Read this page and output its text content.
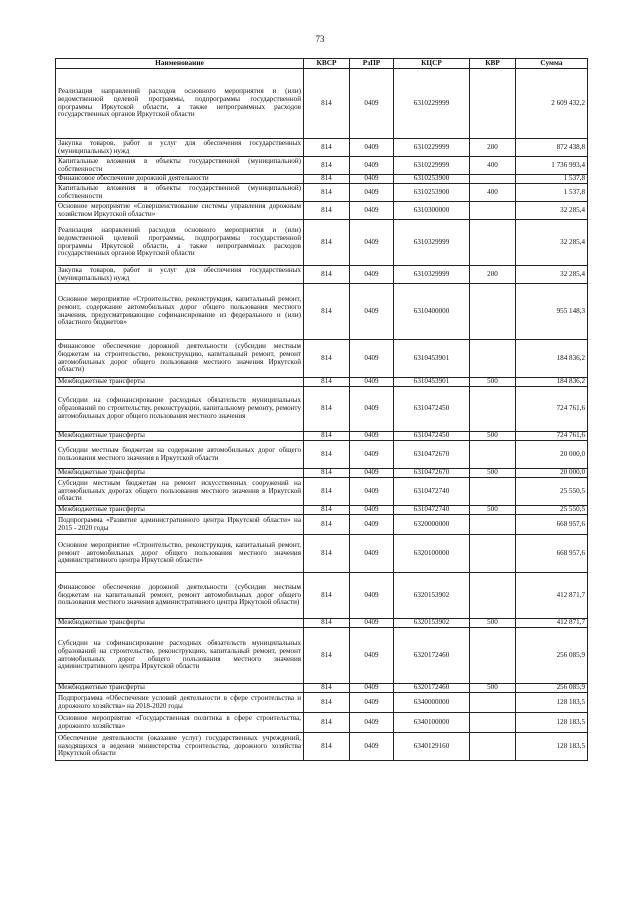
73
Наименование	КВСР	РзПР	КЦСР	КВР	Сумма
Реализация направлений расходов основного мероприятия и (или) ведомственной целевой программы, подпрограммы государственной программы Иркутской области, а также непрограммных расходов государственных органов Иркутской области	814	0409	6310229999		2 609 432,2
Закупка товаров, работ и услуг для обеспечения государственных (муниципальных) нужд	814	0409	6310229999	200	872 438,8
Капитальные вложения в объекты государственной (муниципальной) собственности	814	0409	6310229999	400	1 736 993,4
Финансовое обеспечение дорожной деятельности	814	0409	6310253900		1 537,8
Капитальные вложения в объекты государственной (муниципальной) собственности	814	0409	6310253900	400	1 537,8
Основное мероприятие «Совершенствование системы управления дорожным хозяйством Иркутской области»	814	0409	6310300000		32 285,4
Реализация направлений расходов основного мероприятия и (или) ведомственной целевой программы, подпрограммы государственной программы Иркутской области, а также непрограммных расходов государственных органов Иркутской области	814	0409	6310329999		32 285,4
Закупка товаров, работ и услуг для обеспечения государственных (муниципальных) нужд	814	0409	6310329999	200	32 285,4
Основное мероприятие «Строительство, реконструкция, капитальный ремонт, ремонт, содержание автомобильных дорог общего пользования местного значения, предусматривающие софинансирование из федерального и (или) областного бюджетов»	814	0409	6310400000		955 148,3
Финансовое обеспечение дорожной деятельности (субсидии местным бюджетам на строительство, реконструкцию, капитальный ремонт, ремонт автомобильных дорог общего пользования местного значения Иркутской области)	814	0409	6310453901		184 836,2
Межбюджетные трансферты	814	0409	6310453901	500	184 836,2
Субсидии на софинансирование расходных обязательств муниципальных образований по строительству, реконструкции, капитальному ремонту, ремонту автомобильных дорог общего пользования местного значения	814	0409	6310472450		724 761,6
Межбюджетные трансферты	814	0409	6310472450	500	724 761,6
Субсидии местным бюджетам на содержание автомобильных дорог общего пользования местного значения в Иркутской области	814	0409	6310472670		20 000,0
Межбюджетные трансферты	814	0409	6310472670	500	20 000,0
Субсидии местным бюджетам на ремонт искусственных сооружений на автомобильных дорогах общего пользования местного значения в Иркутской области	814	0409	6310472740		25 550,5
Межбюджетные трансферты	814	0409	6310472740	500	25 550,5
Подпрограмма «Развитие административного центра Иркутской области» на 2015 - 2020 годы	814	0409	6320000000		668 957,6
Основное мероприятие «Строительство, реконструкция, капитальный ремонт, ремонт автомобильных дорог общего пользования местного значения административного центра Иркутской области»	814	0409	6320100000		668 957,6
Финансовое обеспечение дорожной деятельности (субсидии местным бюджетам на капитальный ремонт, ремонт автомобильных дорог общего пользования местного значения административного центра Иркутской области)	814	0409	6320153902		412 871,7
Межбюджетные трансферты	814	0409	6320153902	500	412 871,7
Субсидии на софинансирование расходных обязательств муниципальных образований на строительство, реконструкцию, капитальный ремонт, ремонт автомобильных дорог общего пользования местного значения административного центра Иркутской области	814	0409	6320172460		256 085,9
Межбюджетные трансферты	814	0409	6320172460	500	256 085,9
Подпрограмма «Обеспечение условий деятельности в сфере строительства и дорожного хозяйства» на 2018-2020 годы	814	0409	6340000000		128 183,5
Основное мероприятие «Государственная политика в сфере строительства, дорожного хозяйства»	814	0409	6340100000		128 183,5
Обеспечение деятельности (оказание услуг) государственных учреждений, находящихся в ведении министерства строительства, дорожного хозяйства Иркутской области	814	0409	6340129160		128 183,5
